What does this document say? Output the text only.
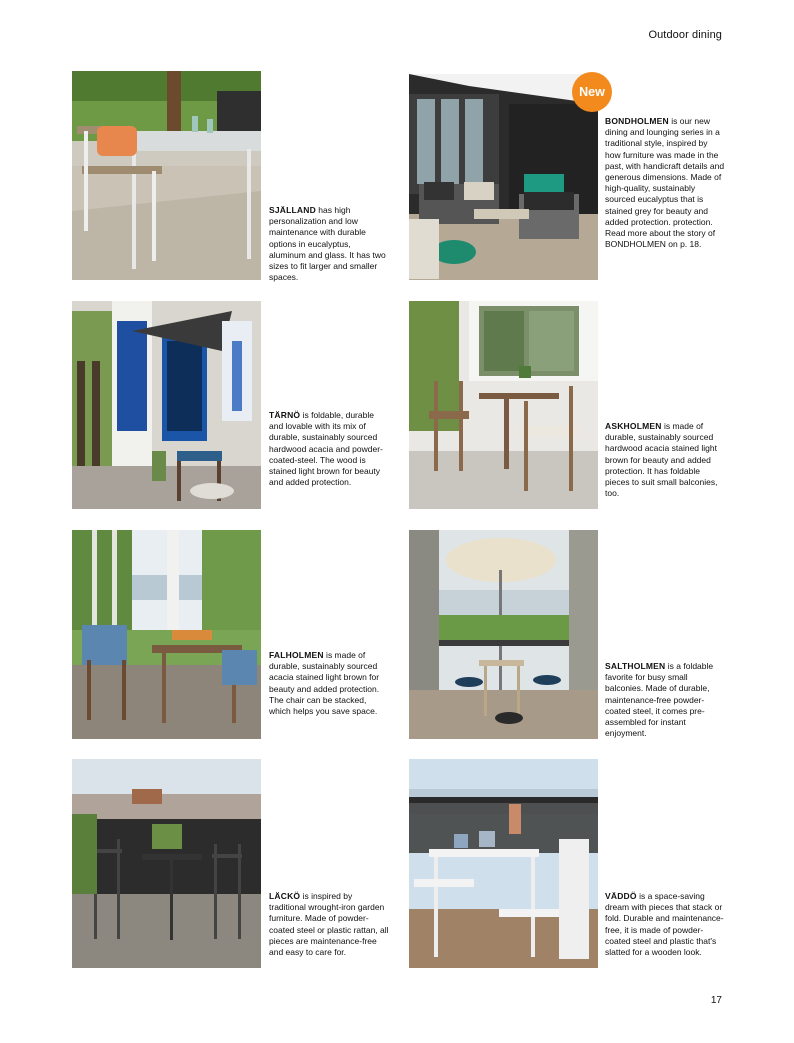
Outdoor dining
SJÄLLAND has high personalization and low maintenance with durable options in eucalyptus, aluminum and glass. It has two sizes to fit larger and smaller spaces.
New
BONDHOLMEN is our new dining and lounging series in a traditional style, inspired by how furniture was made in the past, with handicraft details and generous dimensions. Made of high-quality, sustainably sourced eucalyptus that is stained grey for beauty and added protection. protection. Read more about the story of BONDHOLMEN on p. 18.
TÄRNÖ is foldable, durable and lovable with its mix of durable, sustainably sourced hardwood acacia and powder-coated-steel. The wood is stained light brown for beauty and added protection.
ASKHOLMEN is made of durable, sustainably sourced hardwood acacia stained light brown for beauty and added protection. It has foldable pieces to suit small balconies, too.
FALHOLMEN is made of durable, sustainably sourced acacia stained light brown for beauty and added protection. The chair can be stacked, which helps you save space.
SALTHOLMEN is a foldable favorite for busy small balconies. Made of durable, maintenance-free powder-coated steel, it comes pre-assembled for instant enjoyment.
LÄCKÖ is inspired by traditional wrought-iron garden furniture. Made of powder-coated steel or plastic rattan, all pieces are maintenance-free and easy to care for.
VÄDDÖ is a space-saving dream with pieces that stack or fold. Durable and maintenance-free, it is made of powder-coated steel and plastic that's slatted for a wooden look.
17
